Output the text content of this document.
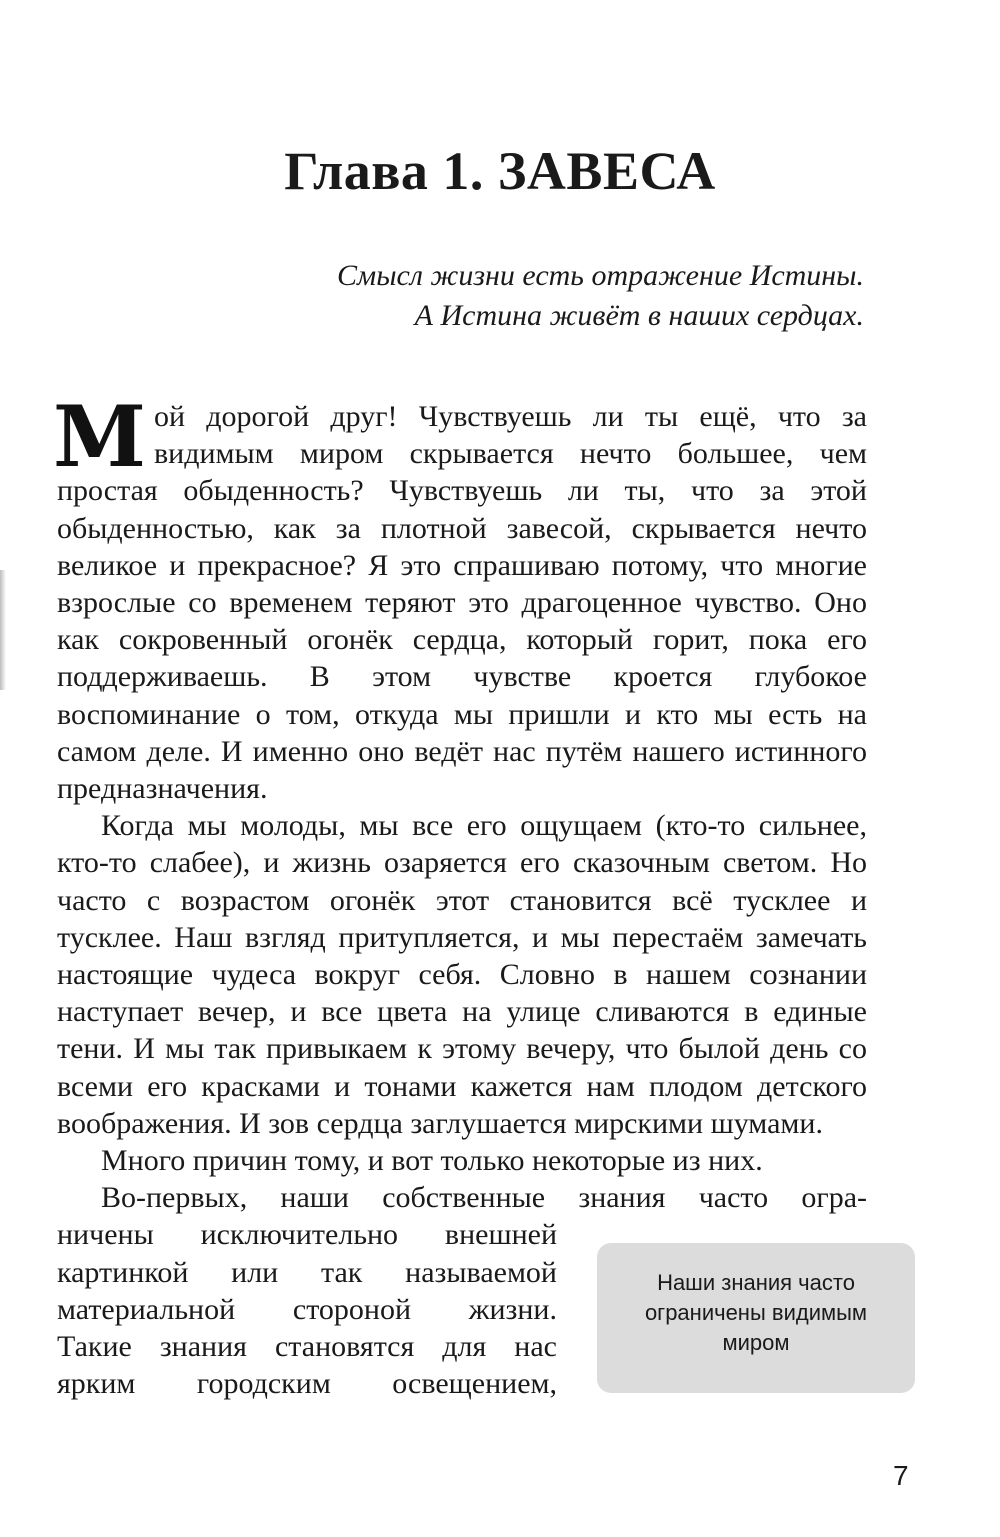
Глава 1. ЗАВЕСА
Смысл жизни есть отражение Истины.
А Истина живёт в наших сердцах.

Мой дорогой друг! Чувствуешь ли ты ещё, что за видимым миром скрывается нечто большее, чем простая обыденность? Чувствуешь ли ты, что за этой обыденностью, как за плотной завесой, скрывается нечто великое и прекрасное? Я это спрашиваю потому, что многие взрослые со временем теряют это драгоценное чувство. Оно как сокровенный огонёк сердца, который горит, пока его поддерживаешь. В этом чувстве кроется глубокое воспоминание о том, откуда мы пришли и кто мы есть на самом деле. И именно оно ведёт нас путём нашего истинного предназначения.

Когда мы молоды, мы все его ощущаем (кто-то сильнее, кто-то слабее), и жизнь озаряется его сказочным светом. Но часто с возрастом огонёк этот становится всё тусклее и тусклее. Наш взгляд притупляется, и мы перестаём замечать настоящие чудеса вокруг себя. Словно в нашем сознании наступает вечер, и все цвета на улице сливаются в единые тени. И мы так привыкаем к этому вечеру, что былой день со всеми его красками и тонами кажется нам плодом детского воображения. И зов сердца заглушается мирскими шумами.

Много причин тому, и вот только некоторые из них.

Во-первых, наши собственные знания часто огра-

ничены исключительно внешней

картинкой или так называемой

материальной стороной жизни.

Такие знания становятся для нас

ярким городским освещением,

Наши знания часто ограничены видимым миром
7
